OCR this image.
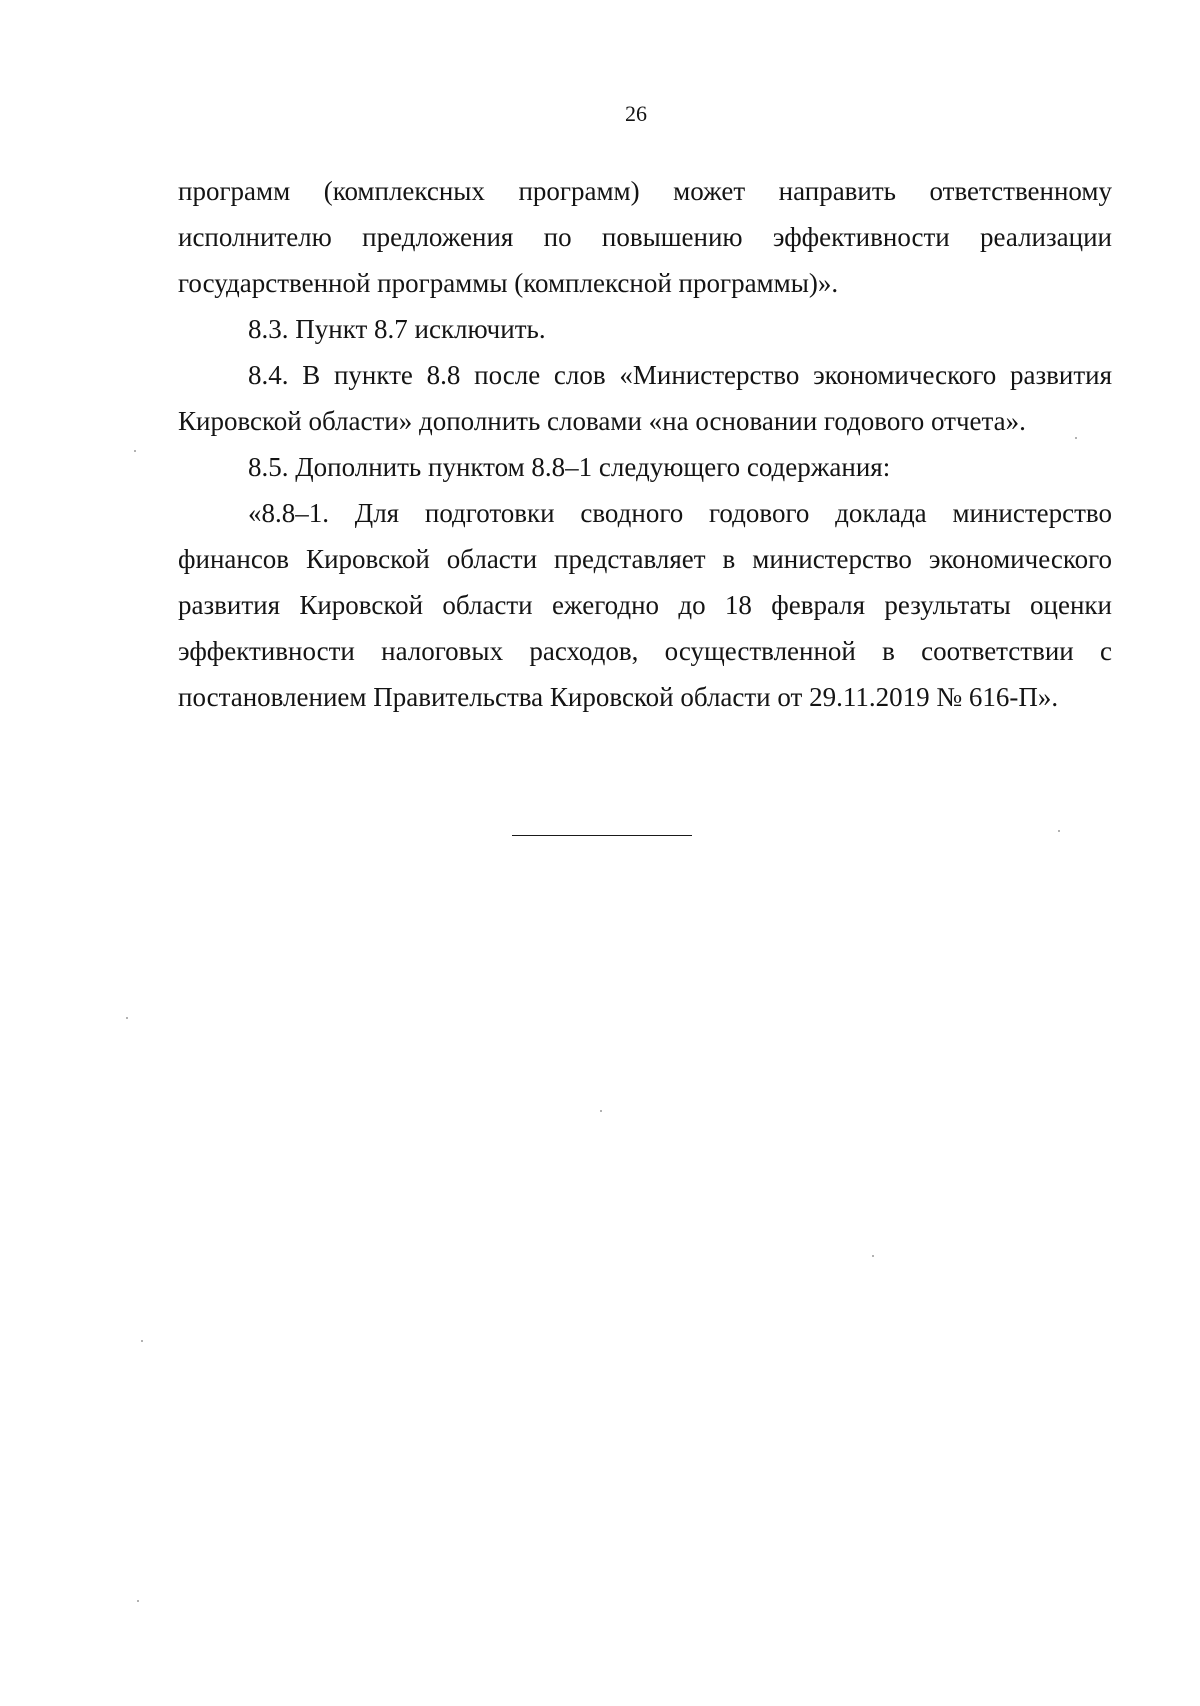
26

программ (комплексных программ) может направить ответственному исполнителю предложения по повышению эффективности реализации государственной программы (комплексной программы)».

8.3. Пункт 8.7 исключить.

8.4. В пункте 8.8 после слов «Министерство экономического развития Кировской области» дополнить словами «на основании годового отчета».

8.5. Дополнить пунктом 8.8–1 следующего содержания:

«8.8–1. Для подготовки сводного годового доклада министерство финансов Кировской области представляет в министерство экономического развития Кировской области ежегодно до 18 февраля результаты оценки эффективности налоговых расходов, осуществленной в соответствии с постановлением Правительства Кировской области от 29.11.2019 № 616-П».
